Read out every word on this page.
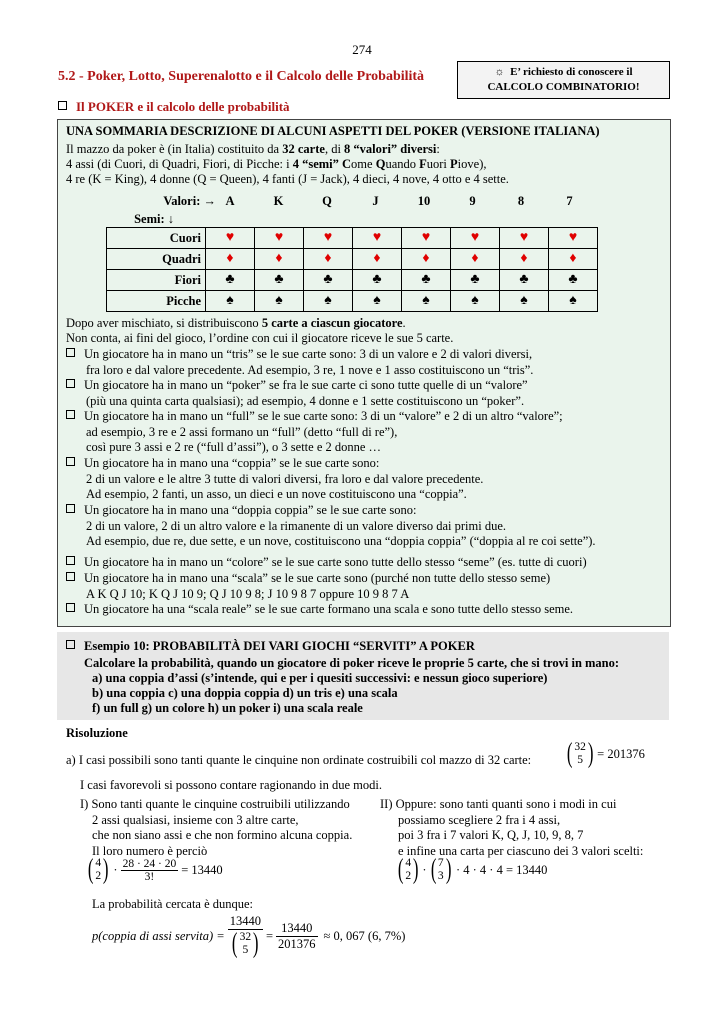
274
5.2 - Poker, Lotto, Superenalotto e il Calcolo delle Probabilità	☼ E’ richiesto di conoscere il
CALCOLO COMBINATORIO!
Il POKER e il calcolo delle probabilità
UNA SOMMARIA DESCRIZIONE DI ALCUNI ASPETTI DEL POKER (VERSIONE ITALIANA)
Il mazzo da poker è (in Italia) costituito da 32 carte, di 8 “valori” diversi:
4 assi (di Cuori, di Quadri, Fiori, di Picche: i 4 “semi” Come Quando Fuori Piove),
4 re (K = King), 4 donne (Q = Queen), 4 fanti (J = Jack), 4 dieci, 4 nove, 4 otto e 4 sette.
Valori: →
Semi: ↓
A	K	Q	J	10	9	8	7
Cuori	♥	♥	♥	♥	♥	♥	♥	♥
Quadri	♦	♦	♦	♦	♦	♦	♦	♦
Fiori	♣	♣	♣	♣	♣	♣	♣	♣
Picche	♠	♠	♠	♠	♠	♠	♠	♠
Dopo aver mischiato, si distribuiscono 5 carte a ciascun giocatore.
Non conta, ai fini del gioco, l’ordine con cui il giocatore riceve le sue 5 carte.
Un giocatore ha in mano un “tris” se le sue carte sono: 3 di un valore e 2 di valori diversi,
fra loro e dal valore precedente. Ad esempio, 3 re, 1 nove e 1 asso costituiscono un “tris”.
Un giocatore ha in mano un “poker” se fra le sue carte ci sono tutte quelle di un “valore”
(più una quinta carta qualsiasi); ad esempio, 4 donne e 1 sette costituiscono un “poker”.
Un giocatore ha in mano un “full” se le sue carte sono: 3 di un “valore” e 2 di un altro “valore”;
ad esempio, 3 re e 2 assi formano un “full” (detto “full di re”),
così pure 3 assi e 2 re (“full d’assi”), o 3 sette e 2 donne …
Un giocatore ha in mano una “coppia” se le sue carte sono:
2 di un valore e le altre 3 tutte di valori diversi, fra loro e dal valore precedente.
Ad esempio, 2 fanti, un asso, un dieci e un nove costituiscono una “coppia”.
Un giocatore ha in mano una “doppia coppia” se le sue carte sono:
2 di un valore, 2 di un altro valore e la rimanente di un valore diverso dai primi due.
Ad esempio, due re, due sette, e un nove, costituiscono una “doppia coppia” (“doppia al re coi sette”).
Un giocatore ha in mano un “colore” se le sue carte sono tutte dello stesso “seme” (es. tutte di cuori)
Un giocatore ha in mano una “scala” se le sue carte sono (purché non tutte dello stesso seme)
A K Q J 10; K Q J 10 9; Q J 10 9 8; J 10 9 8 7 oppure 10 9 8 7 A
Un giocatore ha una “scala reale” se le sue carte formano una scala e sono tutte dello stesso seme.
Esempio 10: PROBABILITÀ DEI VARI GIOCHI “SERVITI” A POKER
Calcolare la probabilità, quando un giocatore di poker riceve le proprie 5 carte, che si trovi in mano:
a) una coppia d’assi (s’intende, qui e per i quesiti successivi: e nessun gioco superiore)
b) una coppia c) una doppia coppia d) un tris e) una scala
f) un full g) un colore h) un poker i) una scala reale
Risoluzione
a) I casi possibili sono tanti quante le cinquine non ordinate costruibili col mazzo di 32 carte: ( 32
5 ) = 201376
I casi favorevoli si possono contare ragionando in due modi.
I) Sono tanti quante le cinquine costruibili utilizzando
2 assi qualsiasi, insieme con 3 altre carte,
che non siano assi e che non formino alcuna coppia.
Il loro numero è perciò
II) Oppure: sono tanti quanti sono i modi in cui
possiamo scegliere 2 fra i 4 assi,
poi 3 fra i 7 valori K, Q, J, 10, 9, 8, 7
e infine una carta per ciascuno dei 3 valori scelti:
( 4
2 ) · $\frac{28 \cdot 24 \cdot 20}{3!} = 13440$	( 4
2 ) · ( 7
3 ) · 4 · 4 · 4 = 13440
La probabilità cercata è dunque:
p(coppia di assi servita) = 13440
( 32
5 ) = $\frac{13440}{201376} \approx 0$, 067 (6, 7%)
